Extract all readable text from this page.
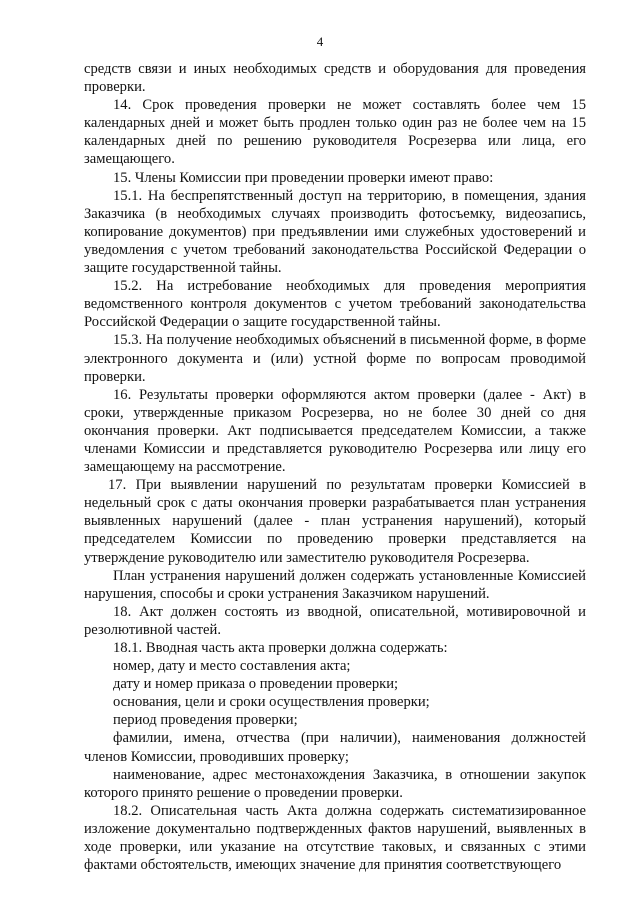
4

средств связи и иных необходимых средств и оборудования для проведения проверки.

14. Срок проведения проверки не может составлять более чем 15 календарных дней и может быть продлен только один раз не более чем на 15 календарных дней по решению руководителя Росрезерва или лица, его замещающего.

15. Члены Комиссии при проведении проверки имеют право:

15.1. На беспрепятственный доступ на территорию, в помещения, здания Заказчика (в необходимых случаях производить фотосъемку, видеозапись, копирование документов) при предъявлении ими служебных удостоверений и уведомления с учетом требований законодательства Российской Федерации о защите государственной тайны.

15.2. На истребование необходимых для проведения мероприятия ведомственного контроля документов с учетом требований законодательства Российской Федерации о защите государственной тайны.

15.3. На получение необходимых объяснений в письменной форме, в форме электронного документа и (или) устной форме по вопросам проводимой проверки.

16. Результаты проверки оформляются актом проверки (далее - Акт) в сроки, утвержденные приказом Росрезерва, но не более 30 дней со дня окончания проверки. Акт подписывается председателем Комиссии, а также членами Комиссии и представляется руководителю Росрезерва или лицу его замещающему на рассмотрение.

17. При выявлении нарушений по результатам проверки Комиссией в недельный срок с даты окончания проверки разрабатывается план устранения выявленных нарушений (далее - план устранения нарушений), который председателем Комиссии по проведению проверки представляется на утверждение руководителю или заместителю руководителя Росрезерва.

План устранения нарушений должен содержать установленные Комиссией нарушения, способы и сроки устранения Заказчиком нарушений.

18. Акт должен состоять из вводной, описательной, мотивировочной и резолютивной частей.

18.1. Вводная часть акта проверки должна содержать:

номер, дату и место составления акта;

дату и номер приказа о проведении проверки;

основания, цели и сроки осуществления проверки;

период проведения проверки;

фамилии, имена, отчества (при наличии), наименования должностей членов Комиссии, проводивших проверку;

наименование, адрес местонахождения Заказчика, в отношении закупок которого принято решение о проведении проверки.

18.2. Описательная часть Акта должна содержать систематизированное изложение документально подтвержденных фактов нарушений, выявленных в ходе проверки, или указание на отсутствие таковых, и связанных с этими фактами обстоятельств, имеющих значение для принятия соответствующего
